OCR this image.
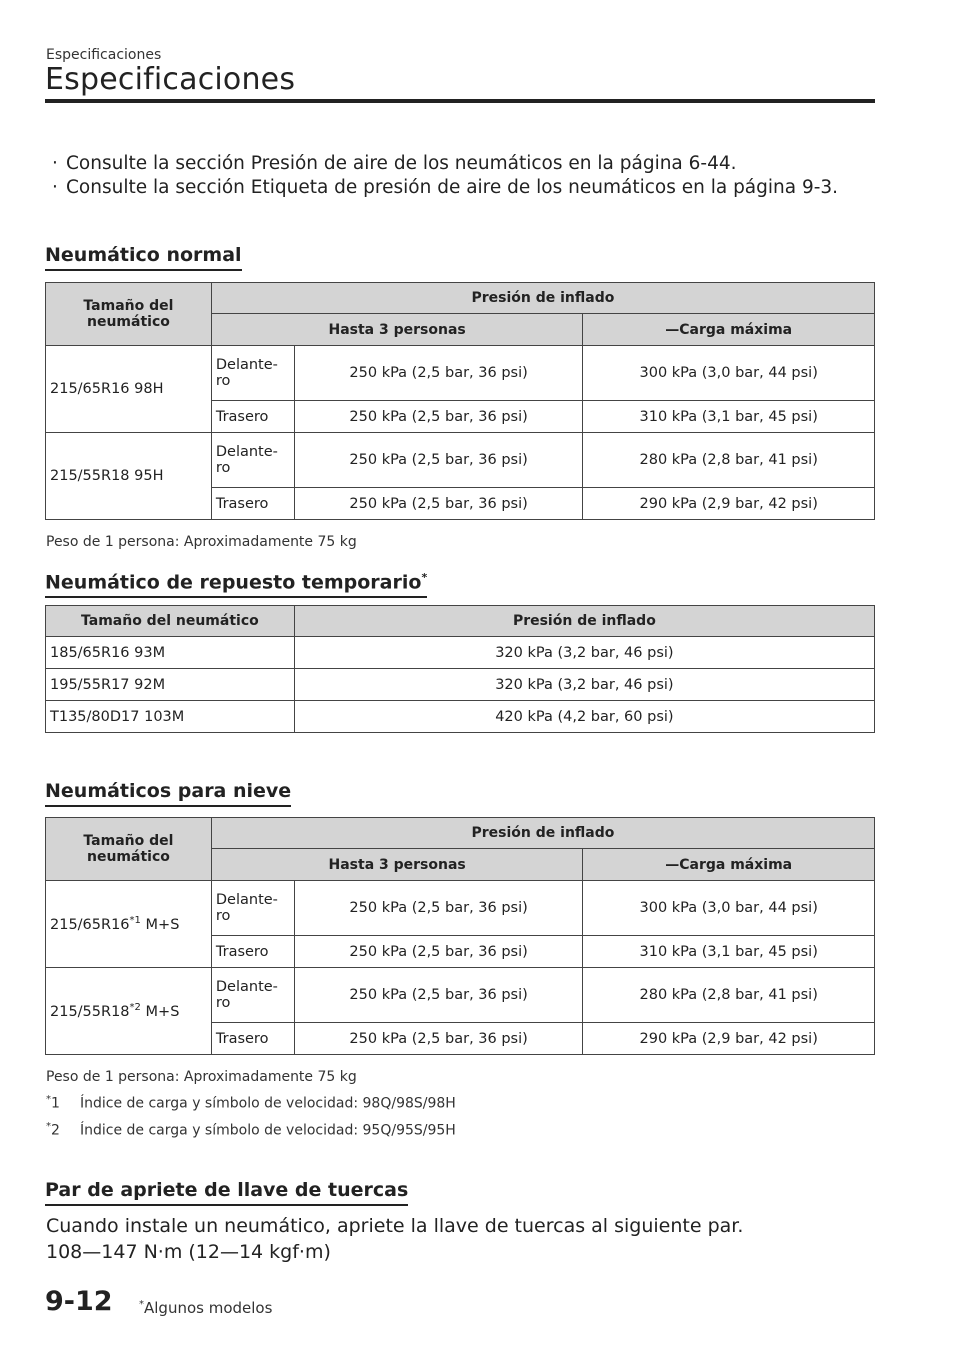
Especificaciones
Especificaciones
· Consulte la sección Presión de aire de los neumáticos en la página 6-44.
· Consulte la sección Etiqueta de presión de aire de los neumáticos en la página 9-3.
Neumático normal
Tamaño del neumático	Presión de inflado		
	Hasta 3 personas		—Carga máxima
215/65R16 98H	Delante-ro	250 kPa (2,5 bar, 36 psi)	300 kPa (3,0 bar, 44 psi)
	Trasero	250 kPa (2,5 bar, 36 psi)	310 kPa (3,1 bar, 45 psi)
215/55R18 95H	Delante-ro	250 kPa (2,5 bar, 36 psi)	280 kPa (2,8 bar, 41 psi)
	Trasero	250 kPa (2,5 bar, 36 psi)	290 kPa (2,9 bar, 42 psi)
Peso de 1 persona: Aproximadamente 75 kg
Neumático de repuesto temporario*
Tamaño del neumático	Presión de inflado
185/65R16 93M	320 kPa (3,2 bar, 46 psi)
195/55R17 92M	320 kPa (3,2 bar, 46 psi)
T135/80D17 103M	420 kPa (4,2 bar, 60 psi)
Neumáticos para nieve
Tamaño del neumático	Presión de inflado		
	Hasta 3 personas		—Carga máxima
215/65R16$^{*1}$ M+S	Delante-ro	250 kPa (2,5 bar, 36 psi)	300 kPa (3,0 bar, 44 psi)
	Trasero	250 kPa (2,5 bar, 36 psi)	310 kPa (3,1 bar, 45 psi)
215/55R18$^{*2}$ M+S	Delante-ro	250 kPa (2,5 bar, 36 psi)	280 kPa (2,8 bar, 41 psi)
	Trasero	250 kPa (2,5 bar, 36 psi)	290 kPa (2,9 bar, 42 psi)
Peso de 1 persona: Aproximadamente 75 kg
*1 Índice de carga y símbolo de velocidad: 98Q/98S/98H
*2 Índice de carga y símbolo de velocidad: 95Q/95S/95H
Par de apriete de llave de tuercas
Cuando instale un neumático, apriete la llave de tuercas al siguiente par.
108—147 N·m (12—14 kgf·m)
9-12	*Algunos modelos
